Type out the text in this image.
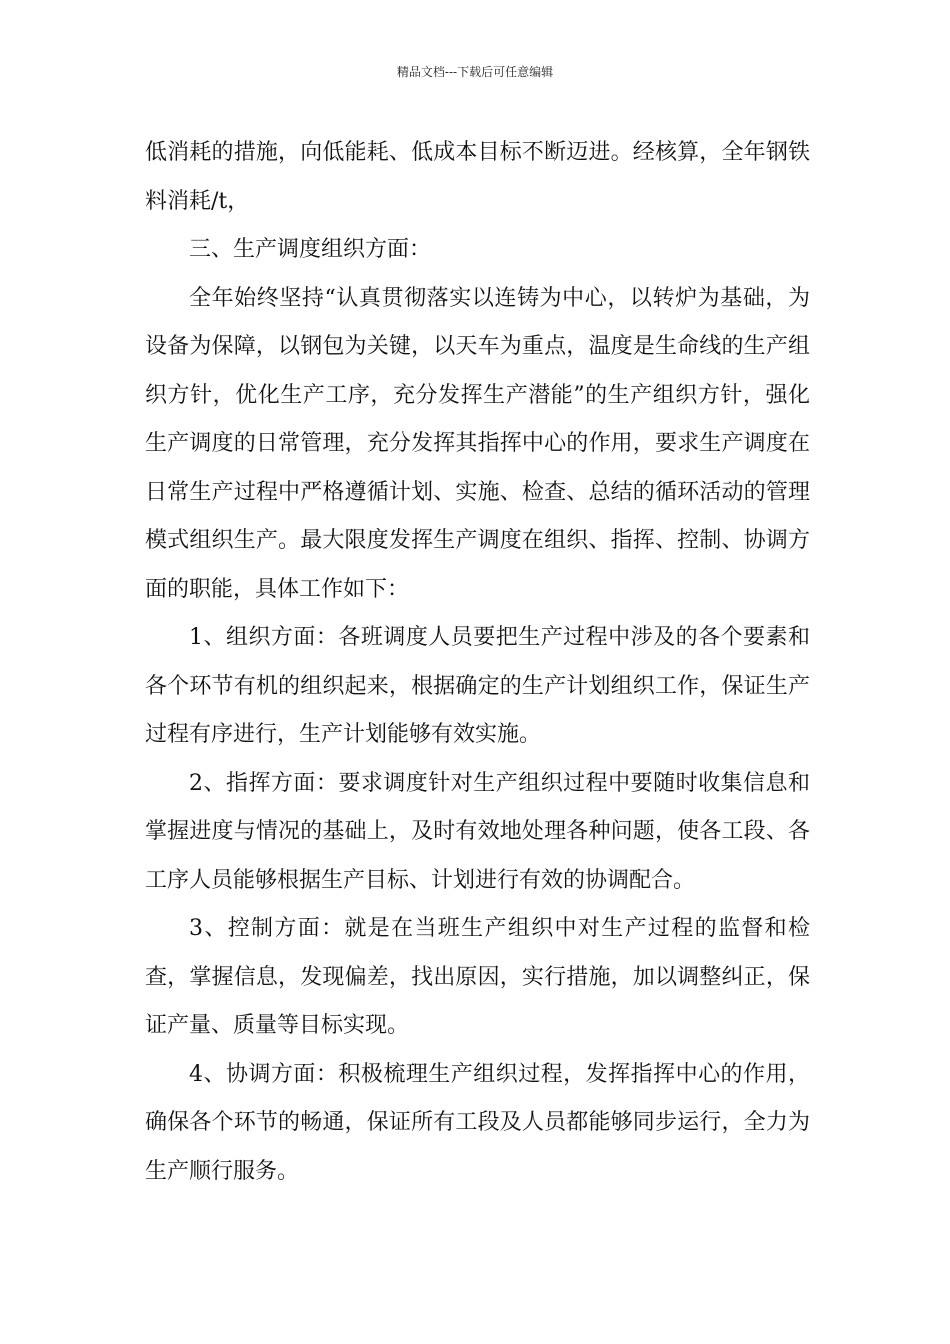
精品文档---下载后可任意编辑

低消耗的措施，向低能耗、低成本目标不断迈进。经核算，全年钢铁料消耗/t，

三、生产调度组织方面：

全年始终坚持“认真贯彻落实以连铸为中心，以转炉为基础，为设备为保障，以钢包为关键，以天车为重点，温度是生命线的生产组织方针，优化生产工序，充分发挥生产潜能”的生产组织方针，强化生产调度的日常管理，充分发挥其指挥中心的作用，要求生产调度在日常生产过程中严格遵循计划、实施、检查、总结的循环活动的管理模式组织生产。最大限度发挥生产调度在组织、指挥、控制、协调方面的职能，具体工作如下：

1、组织方面：各班调度人员要把生产过程中涉及的各个要素和各个环节有机的组织起来，根据确定的生产计划组织工作，保证生产过程有序进行，生产计划能够有效实施。

2、指挥方面：要求调度针对生产组织过程中要随时收集信息和掌握进度与情况的基础上，及时有效地处理各种问题，使各工段、各工序人员能够根据生产目标、计划进行有效的协调配合。

3、控制方面：就是在当班生产组织中对生产过程的监督和检查，掌握信息，发现偏差，找出原因，实行措施，加以调整纠正，保证产量、质量等目标实现。

4、协调方面：积极梳理生产组织过程，发挥指挥中心的作用，确保各个环节的畅通，保证所有工段及人员都能够同步运行，全力为生产顺行服务。
